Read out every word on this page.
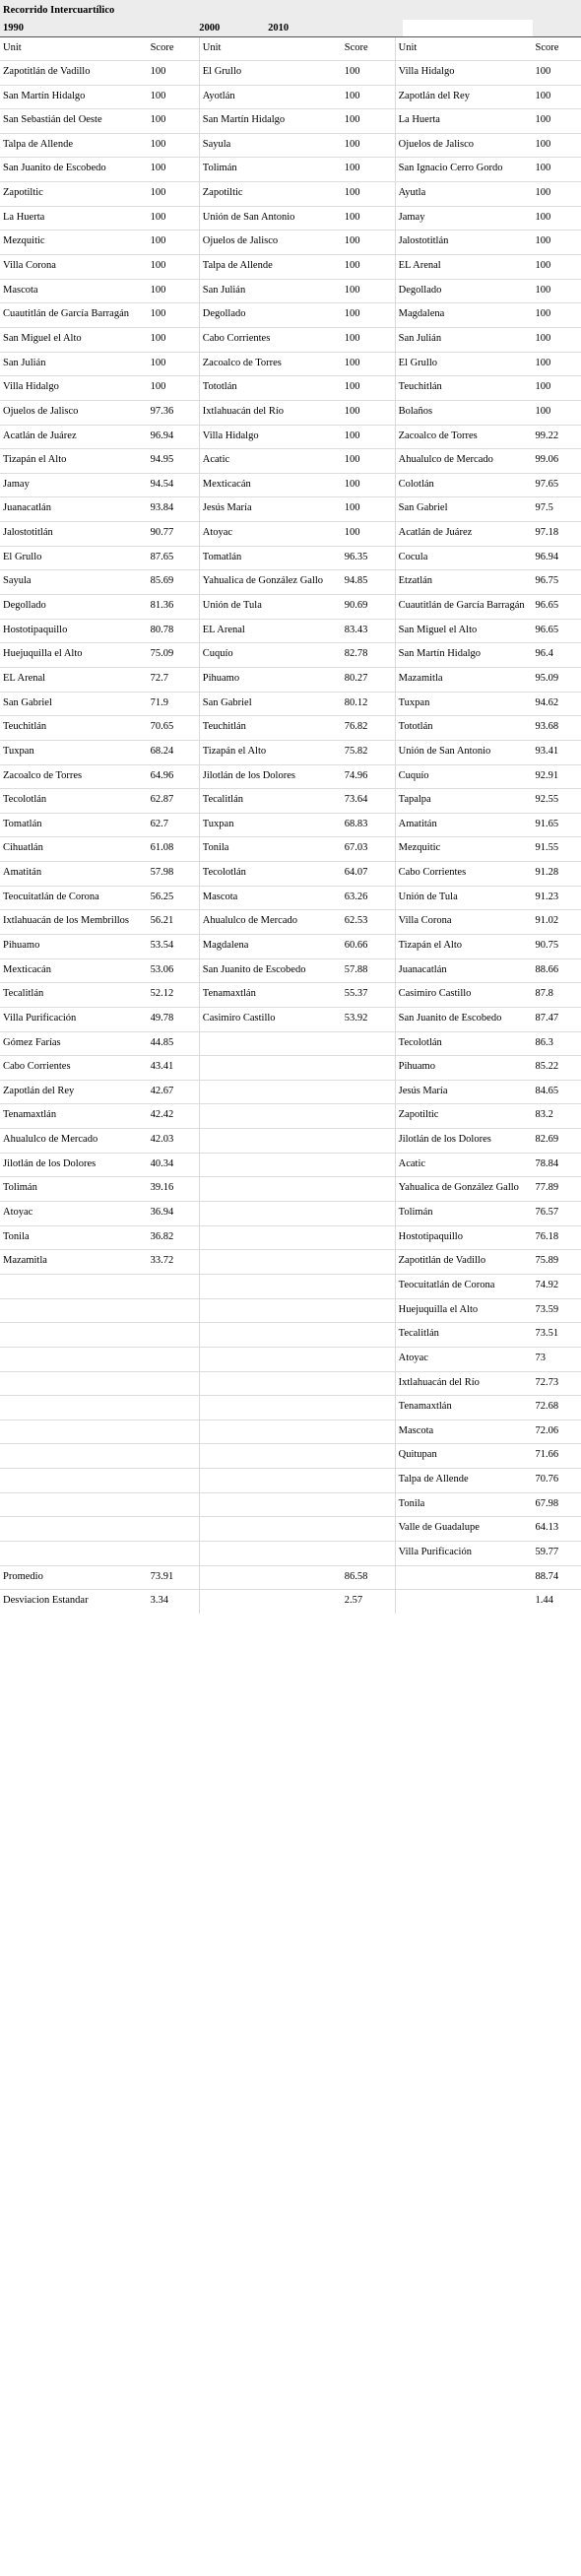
Recorrido Intercuartílico
1990		2000		2010	
Unit	Score	Unit	Score	Unit	Score
Zapotitlán de Vadillo	100	El Grullo	100	Villa Hidalgo	100
San Martín Hidalgo	100	Ayotlán	100	Zapotlán del Rey	100
San Sebastián del Oeste	100	San Martín Hidalgo	100	La Huerta	100
Talpa de Allende	100	Sayula	100	Ojuelos de Jalisco	100
San Juanito de Escobedo	100	Tolimán	100	San Ignacio Cerro Gordo	100
Zapotiltic	100	Zapotiltic	100	Ayutla	100
La Huerta	100	Unión de San Antonio	100	Jamay	100
Mezquitic	100	Ojuelos de Jalisco	100	Jalostotitlán	100
Villa Corona	100	Talpa de Allende	100	EL Arenal	100
Mascota	100	San Julián	100	Degollado	100
Cuautitlán de García Barragán	100	Degollado	100	Magdalena	100
San Miguel el Alto	100	Cabo Corrientes	100	San Julián	100
San Julián	100	Zacoalco de Torres	100	El Grullo	100
Villa Hidalgo	100	Tototlán	100	Teuchitlán	100
Ojuelos de Jalisco	97.36	Ixtlahuacán del Río	100	Bolaños	100
Acatlán de Juárez	96.94	Villa Hidalgo	100	Zacoalco de Torres	99.22
Tizapán el Alto	94.95	Acatic	100	Ahualulco de Mercado	99.06
Jamay	94.54	Mexticacán	100	Colotlán	97.65
Juanacatlán	93.84	Jesús María	100	San Gabriel	97.5
Jalostotitlán	90.77	Atoyac	100	Acatlán de Juárez	97.18
El Grullo	87.65	Tomatlán	96.35	Cocula	96.94
Sayula	85.69	Yahualica de González Gallo	94.85	Etzatlán	96.75
Degollado	81.36	Unión de Tula	90.69	Cuautitlán de García Barragán	96.65
Hostotipaquillo	80.78	EL Arenal	83.43	San Miguel el Alto	96.65
Huejuquilla el Alto	75.09	Cuquío	82.78	San Martín Hidalgo	96.4
EL Arenal	72.7	Pihuamo	80.27	Mazamitla	95.09
San Gabriel	71.9	San Gabriel	80.12	Tuxpan	94.62
Teuchitlán	70.65	Teuchitlán	76.82	Tototlán	93.68
Tuxpan	68.24	Tizapán el Alto	75.82	Unión de San Antonio	93.41
Zacoalco de Torres	64.96	Jilotlán de los Dolores	74.96	Cuquío	92.91
Tecolotlán	62.87	Tecalitlán	73.64	Tapalpa	92.55
Tomatlán	62.7	Tuxpan	68.83	Amatitán	91.65
Cihuatlán	61.08	Tonila	67.03	Mezquitic	91.55
Amatitán	57.98	Tecolotlán	64.07	Cabo Corrientes	91.28
Teocuitatlán de Corona	56.25	Mascota	63.26	Unión de Tula	91.23
Ixtlahuacán de los Membrillos	56.21	Ahualulco de Mercado	62.53	Villa Corona	91.02
Pihuamo	53.54	Magdalena	60.66	Tizapán el Alto	90.75
Mexticacán	53.06	San Juanito de Escobedo	57.88	Juanacatlán	88.66
Tecalitlán	52.12	Tenamaxtlán	55.37	Casimiro Castillo	87.8
Villa Purificación	49.78	Casimiro Castillo	53.92	San Juanito de Escobedo	87.47
Gómez Farías	44.85			Tecolotlán	86.3
Cabo Corrientes	43.41			Pihuamo	85.22
Zapotlán del Rey	42.67			Jesús María	84.65
Tenamaxtlán	42.42			Zapotiltic	83.2
Ahualulco de Mercado	42.03			Jilotlán de los Dolores	82.69
Jilotlán de los Dolores	40.34			Acatic	78.84
Tolimán	39.16			Yahualica de González Gallo	77.89
Atoyac	36.94			Tolimán	76.57
Tonila	36.82			Hostotipaquillo	76.18
Mazamitla	33.72			Zapotitlán de Vadillo	75.89
				Teocuitatlán de Corona	74.92
				Huejuquilla el Alto	73.59
				Tecalitlán	73.51
				Atoyac	73
				Ixtlahuacán del Río	72.73
				Tenamaxtlán	72.68
				Mascota	72.06
				Quitupan	71.66
				Talpa de Allende	70.76
				Tonila	67.98
				Valle de Guadalupe	64.13
				Villa Purificación	59.77
Promedio	73.91		86.58		88.74
Desviacion Estandar	3.34		2.57		1.44
